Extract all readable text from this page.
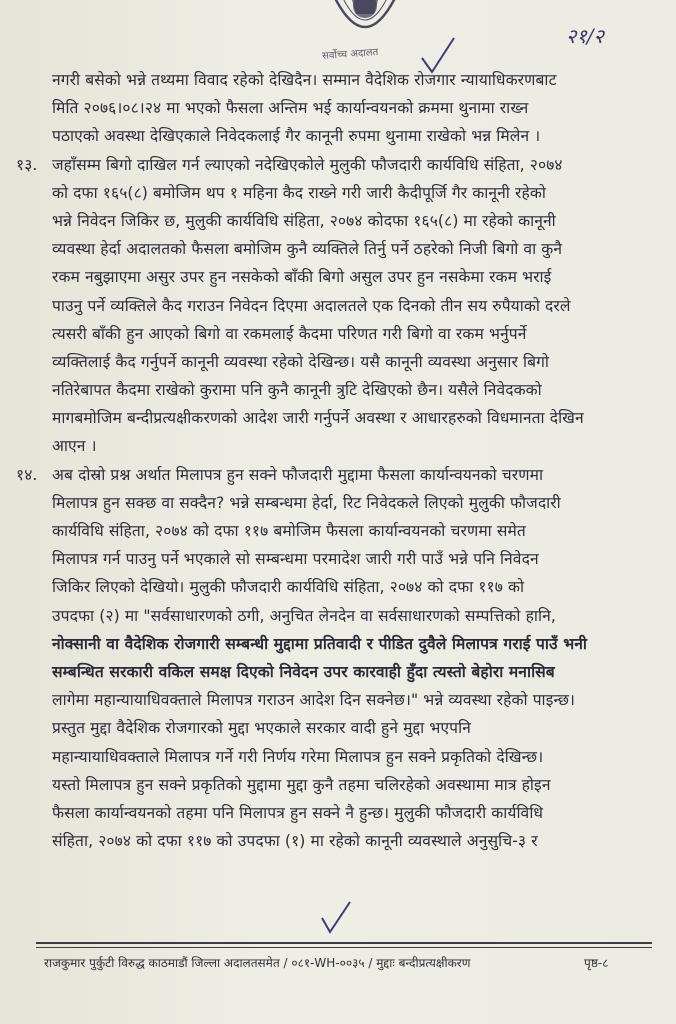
सर्वोच्च अदालत
२१/२
नगरी बसेको भन्ने तथ्यमा विवाद रहेको देखिदैन। सम्मान वैदेशिक रोजगार न्यायाधिकरणबाट
मिति २०७६।०८।२४ मा भएको फैसला अन्तिम भई कार्यान्वयनको क्रममा थुनामा राख्न
पठाएको अवस्था देखिएकाले निवेदकलाई गैर कानूनी रुपमा थुनामा राखेको भन्न मिलेन ।
१३. जहाँसम्म बिगो दाखिल गर्न ल्याएको नदेखिएकोले मुलुकी फौजदारी कार्यविधि संहिता, २०७४
को दफा १६५(८) बमोजिम थप १ महिना कैद राख्ने गरी जारी कैदीपूर्जि गैर कानूनी रहेको
भन्ने निवेदन जिकिर छ, मुलुकी कार्यविधि संहिता, २०७४ कोदफा १६५(८) मा रहेको कानूनी
व्यवस्था हेर्दा अदालतको फैसला बमोजिम कुनै व्यक्तिले तिर्नु पर्ने ठहरेको निजी बिगो वा कुनै
रकम नबुझाएमा असुर उपर हुन नसकेको बाँकी बिगो असुल उपर हुन नसकेमा रकम भराई
पाउनु पर्ने व्यक्तिले कैद गराउन निवेदन दिएमा अदालतले एक दिनको तीन सय रुपैयाको दरले
त्यसरी बाँकी हुन आएको बिगो वा रकमलाई कैदमा परिणत गरी बिगो वा रकम भर्नुपर्ने
व्यक्तिलाई कैद गर्नुपर्ने कानूनी व्यवस्था रहेको देखिन्छ। यसै कानूनी व्यवस्था अनुसार बिगो
नतिरेबापत कैदमा राखेको कुरामा पनि कुनै कानूनी त्रुटि देखिएको छैन। यसैले निवेदकको
मागबमोजिम बन्दीप्रत्यक्षीकरणको आदेश जारी गर्नुपर्ने अवस्था र आधारहरुको विधमानता देखिन
आएन ।
१४. अब दोस्रो प्रश्न अर्थात मिलापत्र हुन सक्ने फौजदारी मुद्दामा फैसला कार्यान्वयनको चरणमा
मिलापत्र हुन सक्छ वा सक्दैन? भन्ने सम्बन्धमा हेर्दा, रिट निवेदकले लिएको मुलुकी फौजदारी
कार्यविधि संहिता, २०७४ को दफा ११७ बमोजिम फैसला कार्यान्वयनको चरणमा समेत
मिलापत्र गर्न पाउनु पर्ने भएकाले सो सम्बन्धमा परमादेश जारी गरी पाउँ भन्ने पनि निवेदन
जिकिर लिएको देखियो। मुलुकी फौजदारी कार्यविधि संहिता, २०७४ को दफा ११७ को
उपदफा (२) मा "सर्वसाधारणको ठगी, अनुचित लेनदेन वा सर्वसाधारणको सम्पत्तिको हानि,
नोक्सानी वा वैदेशिक रोजगारी सम्बन्धी मुद्दामा प्रतिवादी र पीडित दुवैले मिलापत्र गराई पाउँ भनी
सम्बन्धित सरकारी वकिल समक्ष दिएको निवेदन उपर कारवाही हुँदा त्यस्तो बेहोरा मनासिब
लागेमा महान्यायाधिवक्ताले मिलापत्र गराउन आदेश दिन सक्नेछ।" भन्ने व्यवस्था रहेको पाइन्छ।
प्रस्तुत मुद्दा वैदेशिक रोजगारको मुद्दा भएकाले सरकार वादी हुने मुद्दा भएपनि
महान्यायाधिवक्ताले मिलापत्र गर्ने गरी निर्णय गरेमा मिलापत्र हुन सक्ने प्रकृतिको देखिन्छ।
यस्तो मिलापत्र हुन सक्ने प्रकृतिको मुद्दामा मुद्दा कुनै तहमा चलिरहेको अवस्थामा मात्र होइन
फैसला कार्यान्वयनको तहमा पनि मिलापत्र हुन सक्ने नै हुन्छ। मुलुकी फौजदारी कार्यविधि
संहिता, २०७४ को दफा ११७ को उपदफा (१) मा रहेको कानूनी व्यवस्थाले अनुसुचि-३ र
राजकुमार पुर्कुटी विरुद्ध काठमाडौं जिल्ला अदालतसमेत / ०८१-WH-००३५ / मुद्दाः बन्दीप्रत्यक्षीकरण	पृष्ठ-८
